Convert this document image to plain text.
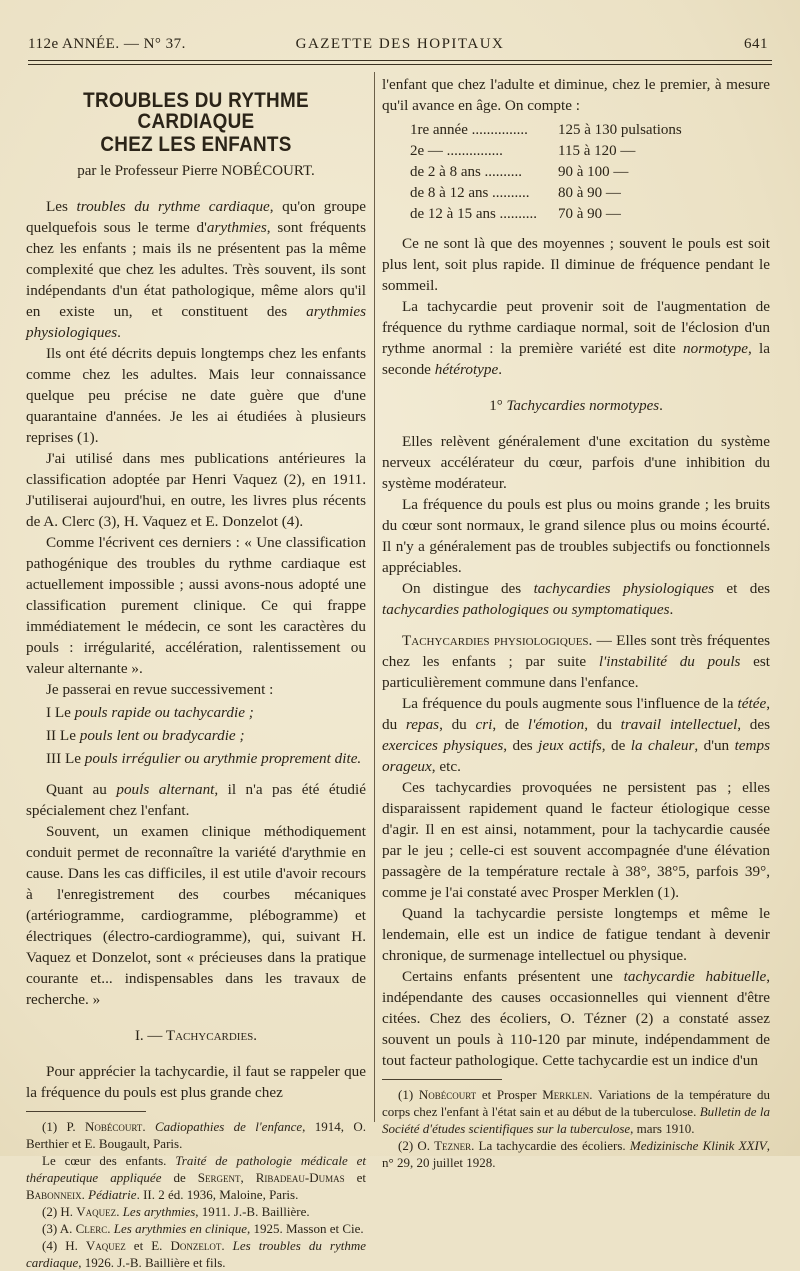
112e ANNÉE. — N° 37.	GAZETTE DES HOPITAUX	641
TROUBLES DU RYTHME CARDIAQUE
CHEZ LES ENFANTS
par le Professeur Pierre NOBÉCOURT.

Les troubles du rythme cardiaque, qu'on groupe quelquefois sous le terme d'arythmies, sont fréquents chez les enfants ; mais ils ne présentent pas la même complexité que chez les adultes. Très souvent, ils sont indépendants d'un état pathologique, même alors qu'il en existe un, et constituent des arythmies physiologiques.

Ils ont été décrits depuis longtemps chez les enfants comme chez les adultes. Mais leur connaissance quelque peu précise ne date guère que d'une quarantaine d'années. Je les ai étudiées à plusieurs reprises (1).

J'ai utilisé dans mes publications antérieures la classification adoptée par Henri Vaquez (2), en 1911. J'utiliserai aujourd'hui, en outre, les livres plus récents de A. Clerc (3), H. Vaquez et E. Donzelot (4).

Comme l'écrivent ces derniers : « Une classification pathogénique des troubles du rythme cardiaque est actuellement impossible ; aussi avons-nous adopté une classification purement clinique. Ce qui frappe immédiatement le médecin, ce sont les caractères du pouls : irrégularité, accélération, ralentissement ou valeur alternante ».

Je passerai en revue successivement :

I Le pouls rapide ou tachycardie ;
II Le pouls lent ou bradycardie ;
III Le pouls irrégulier ou arythmie proprement dite.

Quant au pouls alternant, il n'a pas été étudié spécialement chez l'enfant.

Souvent, un examen clinique méthodiquement conduit permet de reconnaître la variété d'arythmie en cause. Dans les cas difficiles, il est utile d'avoir recours à l'enregistrement des courbes mécaniques (artériogramme, cardiogramme, plébogramme) et électriques (électro-cardiogramme), qui, suivant H. Vaquez et Donzelot, sont « précieuses dans la pratique courante et... indispensables dans les travaux de recherche. »

I. — Tachycardies.

Pour apprécier la tachycardie, il faut se rappeler que la fréquence du pouls est plus grande chez

(1) P. Nobécourt. Cadiopathies de l'enfance, 1914, O. Berthier et E. Bougault, Paris.

Le cœur des enfants. Traité de pathologie médicale et thérapeutique appliquée de Sergent, Ribadeau-Dumas et Babonneix. Pédiatrie. II. 2 éd. 1936, Maloine, Paris.

(2) H. Vaquez. Les arythmies, 1911. J.-B. Baillière.

(3) A. Clerc. Les arythmies en clinique, 1925. Masson et Cie.

(4) H. Vaquez et E. Donzelot. Les troubles du rythme cardiaque, 1926. J.-B. Baillière et fils.

l'enfant que chez l'adulte et diminue, chez le premier, à mesure qu'il avance en âge. On compte :

1re année ...............	125 à 130 pulsations
2e — ...............	115 à 120 —
de 2 à 8 ans ..........	90 à 100 —
de 8 à 12 ans ..........	80 à 90 —
de 12 à 15 ans ..........	70 à 90 —

Ce ne sont là que des moyennes ; souvent le pouls est soit plus lent, soit plus rapide. Il diminue de fréquence pendant le sommeil.

La tachycardie peut provenir soit de l'augmentation de fréquence du rythme cardiaque normal, soit de l'éclosion d'un rythme anormal : la première variété est dite normotype, la seconde hétérotype.

1° Tachycardies normotypes.

Elles relèvent généralement d'une excitation du système nerveux accélérateur du cœur, parfois d'une inhibition du système modérateur.

La fréquence du pouls est plus ou moins grande ; les bruits du cœur sont normaux, le grand silence plus ou moins écourté. Il n'y a généralement pas de troubles subjectifs ou fonctionnels appréciables.

On distingue des tachycardies physiologiques et des tachycardies pathologiques ou symptomatiques.

Tachycardies physiologiques. — Elles sont très fréquentes chez les enfants ; par suite l'instabilité du pouls est particulièrement commune dans l'enfance.

La fréquence du pouls augmente sous l'influence de la tétée, du repas, du cri, de l'émotion, du travail intellectuel, des exercices physiques, des jeux actifs, de la chaleur, d'un temps orageux, etc.

Ces tachycardies provoquées ne persistent pas ; elles disparaissent rapidement quand le facteur étiologique cesse d'agir. Il en est ainsi, notamment, pour la tachycardie causée par le jeu ; celle-ci est souvent accompagnée d'une élévation passagère de la température rectale à 38°, 38°5, parfois 39°, comme je l'ai constaté avec Prosper Merklen (1).

Quand la tachycardie persiste longtemps et même le lendemain, elle est un indice de fatigue tendant à devenir chronique, de surmenage intellectuel ou physique.

Certains enfants présentent une tachycardie habituelle, indépendante des causes occasionnelles qui viennent d'être citées. Chez des écoliers, O. Tézner (2) a constaté assez souvent un pouls à 110-120 par minute, indépendamment de tout facteur pathologique. Cette tachycardie est un indice d'un

(1) Nobécourt et Prosper Merklen. Variations de la température du corps chez l'enfant à l'état sain et au début de la tuberculose. Bulletin de la Société d'études scientifiques sur la tuberculose, mars 1910.

(2) O. Tezner. La tachycardie des écoliers. Medizinische Klinik XXIV, n° 29, 20 juillet 1928.
